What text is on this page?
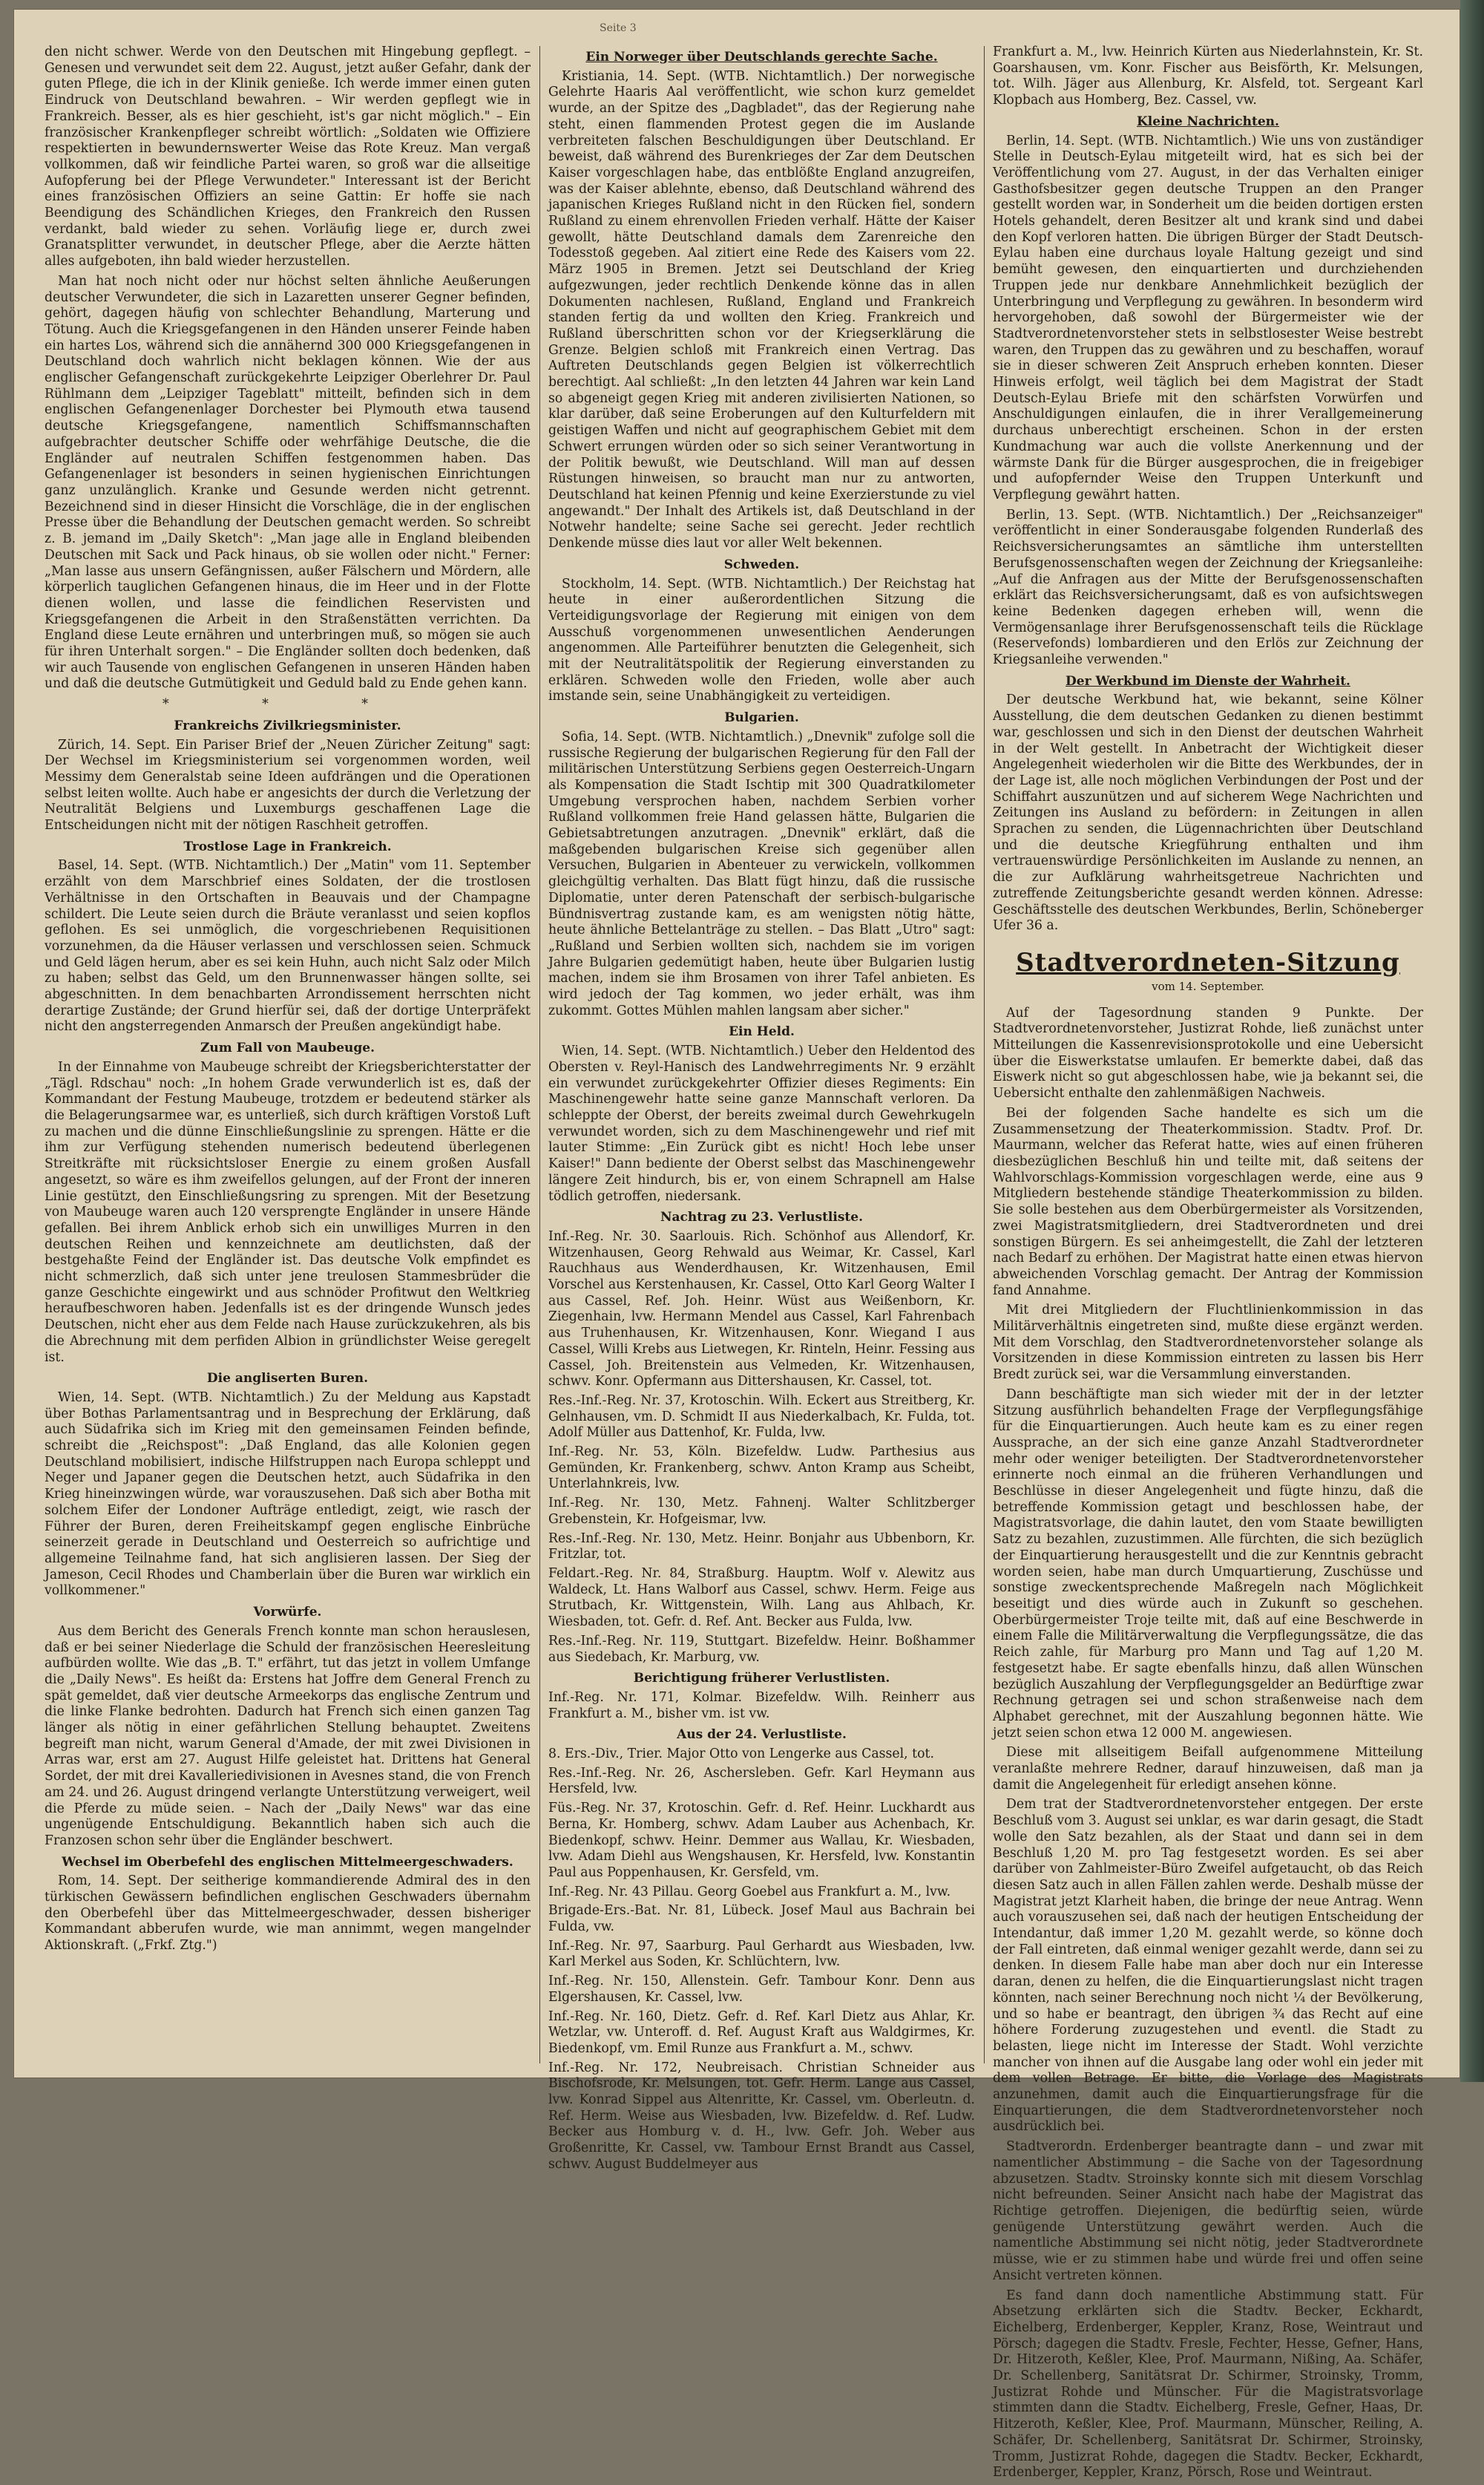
Seite 3

den nicht schwer. Werde von den Deutschen mit Hingebung gepflegt. – Genesen und verwundet seit dem 22. August, jetzt außer Gefahr, dank der guten Pflege, die ich in der Klinik genieße. Ich werde immer einen guten Eindruck von Deutschland bewahren. – Wir werden gepflegt wie in Frankreich. Besser, als es hier geschieht, ist's gar nicht möglich." – Ein französischer Krankenpfleger schreibt wörtlich: „Soldaten wie Offiziere respektierten in bewundernswerter Weise das Rote Kreuz. Man vergaß vollkommen, daß wir feindliche Partei waren, so groß war die allseitige Aufopferung bei der Pflege Verwundeter." Interessant ist der Bericht eines französischen Offiziers an seine Gattin: Er hoffe sie nach Beendigung des Schändlichen Krieges, den Frankreich den Russen verdankt, bald wieder zu sehen. Vorläufig liege er, durch zwei Granatsplitter verwundet, in deutscher Pflege, aber die Aerzte hätten alles aufgeboten, ihn bald wieder herzustellen.

Man hat noch nicht oder nur höchst selten ähnliche Aeußerungen deutscher Verwundeter, die sich in Lazaretten unserer Gegner befinden, gehört, dagegen häufig von schlechter Behandlung, Marterung und Tötung. Auch die Kriegsgefangenen in den Händen unserer Feinde haben ein hartes Los, während sich die annähernd 300 000 Kriegsgefangenen in Deutschland doch wahrlich nicht beklagen können. Wie der aus englischer Gefangenschaft zurückgekehrte Leipziger Oberlehrer Dr. Paul Rühlmann dem „Leipziger Tageblatt" mitteilt, befinden sich in dem englischen Gefangenenlager Dorchester bei Plymouth etwa tausend deutsche Kriegsgefangene, namentlich Schiffsmannschaften aufgebrachter deutscher Schiffe oder wehrfähige Deutsche, die die Engländer auf neutralen Schiffen festgenommen haben. Das Gefangenenlager ist besonders in seinen hygienischen Einrichtungen ganz unzulänglich. Kranke und Gesunde werden nicht getrennt. Bezeichnend sind in dieser Hinsicht die Vorschläge, die in der englischen Presse über die Behandlung der Deutschen gemacht werden. So schreibt z. B. jemand im „Daily Sketch": „Man jage alle in England bleibenden Deutschen mit Sack und Pack hinaus, ob sie wollen oder nicht." Ferner: „Man lasse aus unsern Gefängnissen, außer Fälschern und Mördern, alle körperlich tauglichen Gefangenen hinaus, die im Heer und in der Flotte dienen wollen, und lasse die feindlichen Reservisten und Kriegsgefangenen die Arbeit in den Straßenstätten verrichten. Da England diese Leute ernähren und unterbringen muß, so mögen sie auch für ihren Unterhalt sorgen." – Die Engländer sollten doch bedenken, daß wir auch Tausende von englischen Gefangenen in unseren Händen haben und daß die deutsche Gutmütigkeit und Geduld bald zu Ende gehen kann.

* * *

Frankreichs Zivilkriegsminister.

Zürich, 14. Sept. Ein Pariser Brief der „Neuen Züricher Zeitung" sagt: Der Wechsel im Kriegsministerium sei vorgenommen worden, weil Messimy dem Generalstab seine Ideen aufdrängen und die Operationen selbst leiten wollte. Auch habe er angesichts der durch die Verletzung der Neutralität Belgiens und Luxemburgs geschaffenen Lage die Entscheidungen nicht mit der nötigen Raschheit getroffen.

Trostlose Lage in Frankreich.

Basel, 14. Sept. (WTB. Nichtamtlich.) Der „Matin" vom 11. September erzählt von dem Marschbrief eines Soldaten, der die trostlosen Verhältnisse in den Ortschaften in Beauvais und der Champagne schildert. Die Leute seien durch die Bräute veranlasst und seien kopflos geflohen. Es sei unmöglich, die vorgeschriebenen Requisitionen vorzunehmen, da die Häuser verlassen und verschlossen seien. Schmuck und Geld lägen herum, aber es sei kein Huhn, auch nicht Salz oder Milch zu haben; selbst das Geld, um den Brunnenwasser hängen sollte, sei abgeschnitten. In dem benachbarten Arrondissement herrschten nicht derartige Zustände; der Grund hierfür sei, daß der dortige Unterpräfekt nicht den angsterregenden Anmarsch der Preußen angekündigt habe.

Zum Fall von Maubeuge.

In der Einnahme von Maubeuge schreibt der Kriegsberichterstatter der „Tägl. Rdschau" noch: „In hohem Grade verwunderlich ist es, daß der Kommandant der Festung Maubeuge, trotzdem er bedeutend stärker als die Belagerungsarmee war, es unterließ, sich durch kräftigen Vorstoß Luft zu machen und die dünne Einschließungslinie zu sprengen. Hätte er die ihm zur Verfügung stehenden numerisch bedeutend überlegenen Streitkräfte mit rücksichtsloser Energie zu einem großen Ausfall angesetzt, so wäre es ihm zweifellos gelungen, auf der Front der inneren Linie gestützt, den Einschließungsring zu sprengen. Mit der Besetzung von Maubeuge waren auch 120 versprengte Engländer in unsere Hände gefallen. Bei ihrem Anblick erhob sich ein unwilliges Murren in den deutschen Reihen und kennzeichnete am deutlichsten, daß der bestgehaßte Feind der Engländer ist. Das deutsche Volk empfindet es nicht schmerzlich, daß sich unter jene treulosen Stammesbrüder die ganze Geschichte eingewirkt und aus schnöder Profitwut den Weltkrieg heraufbeschworen haben. Jedenfalls ist es der dringende Wunsch jedes Deutschen, nicht eher aus dem Felde nach Hause zurückzukehren, als bis die Abrechnung mit dem perfiden Albion in gründlichster Weise geregelt ist.

Die angliserten Buren.

Wien, 14. Sept. (WTB. Nichtamtlich.) Zu der Meldung aus Kapstadt über Bothas Parlamentsantrag und in Besprechung der Erklärung, daß auch Südafrika sich im Krieg mit den gemeinsamen Feinden befinde, schreibt die „Reichspost": „Daß England, das alle Kolonien gegen Deutschland mobilisiert, indische Hilfstruppen nach Europa schleppt und Neger und Japaner gegen die Deutschen hetzt, auch Südafrika in den Krieg hineinzwingen würde, war vorauszusehen. Daß sich aber Botha mit solchem Eifer der Londoner Aufträge entledigt, zeigt, wie rasch der Führer der Buren, deren Freiheitskampf gegen englische Einbrüche seinerzeit gerade in Deutschland und Oesterreich so aufrichtige und allgemeine Teilnahme fand, hat sich anglisieren lassen. Der Sieg der Jameson, Cecil Rhodes und Chamberlain über die Buren war wirklich ein vollkommener."

Vorwürfe.

Aus dem Bericht des Generals French konnte man schon herauslesen, daß er bei seiner Niederlage die Schuld der französischen Heeresleitung aufbürden wollte. Wie das „B. T." erfährt, tut das jetzt in vollem Umfange die „Daily News". Es heißt da: Erstens hat Joffre dem General French zu spät gemeldet, daß vier deutsche Armeekorps das englische Zentrum und die linke Flanke bedrohten. Dadurch hat French sich einen ganzen Tag länger als nötig in einer gefährlichen Stellung behauptet. Zweitens begreift man nicht, warum General d'Amade, der mit zwei Divisionen in Arras war, erst am 27. August Hilfe geleistet hat. Drittens hat General Sordet, der mit drei Kavalleriedivisionen in Avesnes stand, die von French am 24. und 26. August dringend verlangte Unterstützung verweigert, weil die Pferde zu müde seien. – Nach der „Daily News" war das eine ungenügende Entschuldigung. Bekanntlich haben sich auch die Franzosen schon sehr über die Engländer beschwert.

Wechsel im Oberbefehl des englischen Mittelmeergeschwaders.

Rom, 14. Sept. Der seitherige kommandierende Admiral des in den türkischen Gewässern befindlichen englischen Geschwaders übernahm den Oberbefehl über das Mittelmeergeschwader, dessen bisheriger Kommandant abberufen wurde, wie man annimmt, wegen mangelnder Aktionskraft. („Frkf. Ztg.")

Ein Norweger über Deutschlands gerechte Sache.

Kristiania, 14. Sept. (WTB. Nichtamtlich.) Der norwegische Gelehrte Haaris Aal veröffentlicht, wie schon kurz gemeldet wurde, an der Spitze des „Dagbladet", das der Regierung nahe steht, einen flammenden Protest gegen die im Auslande verbreiteten falschen Beschuldigungen über Deutschland. Er beweist, daß während des Burenkrieges der Zar dem Deutschen Kaiser vorgeschlagen habe, das entblößte England anzugreifen, was der Kaiser ablehnte, ebenso, daß Deutschland während des japanischen Krieges Rußland nicht in den Rücken fiel, sondern Rußland zu einem ehrenvollen Frieden verhalf. Hätte der Kaiser gewollt, hätte Deutschland damals dem Zarenreiche den Todesstoß gegeben. Aal zitiert eine Rede des Kaisers vom 22. März 1905 in Bremen. Jetzt sei Deutschland der Krieg aufgezwungen, jeder rechtlich Denkende könne das in allen Dokumenten nachlesen, Rußland, England und Frankreich standen fertig da und wollten den Krieg. Frankreich und Rußland überschritten schon vor der Kriegserklärung die Grenze. Belgien schloß mit Frankreich einen Vertrag. Das Auftreten Deutschlands gegen Belgien ist völkerrechtlich berechtigt. Aal schließt: „In den letzten 44 Jahren war kein Land so abgeneigt gegen Krieg mit anderen zivilisierten Nationen, so klar darüber, daß seine Eroberungen auf den Kulturfeldern mit geistigen Waffen und nicht auf geographischem Gebiet mit dem Schwert errungen würden oder so sich seiner Verantwortung in der Politik bewußt, wie Deutschland. Will man auf dessen Rüstungen hinweisen, so braucht man nur zu antworten, Deutschland hat keinen Pfennig und keine Exerzierstunde zu viel angewandt." Der Inhalt des Artikels ist, daß Deutschland in der Notwehr handelte; seine Sache sei gerecht. Jeder rechtlich Denkende müsse dies laut vor aller Welt bekennen.

Schweden.

Stockholm, 14. Sept. (WTB. Nichtamtlich.) Der Reichstag hat heute in einer außerordentlichen Sitzung die Verteidigungsvorlage der Regierung mit einigen von dem Ausschuß vorgenommenen unwesentlichen Aenderungen angenommen. Alle Parteiführer benutzten die Gelegenheit, sich mit der Neutralitätspolitik der Regierung einverstanden zu erklären. Schweden wolle den Frieden, wolle aber auch imstande sein, seine Unabhängigkeit zu verteidigen.

Bulgarien.

Sofia, 14. Sept. (WTB. Nichtamtlich.) „Dnevnik" zufolge soll die russische Regierung der bulgarischen Regierung für den Fall der militärischen Unterstützung Serbiens gegen Oesterreich-Ungarn als Kompensation die Stadt Ischtip mit 300 Quadratkilometer Umgebung versprochen haben, nachdem Serbien vorher Rußland vollkommen freie Hand gelassen hätte, Bulgarien die Gebietsabtretungen anzutragen. „Dnevnik" erklärt, daß die maßgebenden bulgarischen Kreise sich gegenüber allen Versuchen, Bulgarien in Abenteuer zu verwickeln, vollkommen gleichgültig verhalten. Das Blatt fügt hinzu, daß die russische Diplomatie, unter deren Patenschaft der serbisch-bulgarische Bündnisvertrag zustande kam, es am wenigsten nötig hätte, heute ähnliche Bettelanträge zu stellen. – Das Blatt „Utro" sagt: „Rußland und Serbien wollten sich, nachdem sie im vorigen Jahre Bulgarien gedemütigt haben, heute über Bulgarien lustig machen, indem sie ihm Brosamen von ihrer Tafel anbieten. Es wird jedoch der Tag kommen, wo jeder erhält, was ihm zukommt. Gottes Mühlen mahlen langsam aber sicher."

Ein Held.

Wien, 14. Sept. (WTB. Nichtamtlich.) Ueber den Heldentod des Obersten v. Reyl-Hanisch des Landwehrregiments Nr. 9 erzählt ein verwundet zurückgekehrter Offizier dieses Regiments: Ein Maschinengewehr hatte seine ganze Mannschaft verloren. Da schleppte der Oberst, der bereits zweimal durch Gewehrkugeln verwundet worden, sich zu dem Maschinengewehr und rief mit lauter Stimme: „Ein Zurück gibt es nicht! Hoch lebe unser Kaiser!" Dann bediente der Oberst selbst das Maschinengewehr längere Zeit hindurch, bis er, von einem Schrapnell am Halse tödlich getroffen, niedersank.

Nachtrag zu 23. Verlustliste.

Inf.-Reg. Nr. 30. Saarlouis. Rich. Schönhof aus Allendorf, Kr. Witzenhausen, Georg Rehwald aus Weimar, Kr. Cassel, Karl Rauchhaus aus Wenderdhausen, Kr. Witzenhausen, Emil Vorschel aus Kerstenhausen, Kr. Cassel, Otto Karl Georg Walter I aus Cassel, Ref. Joh. Heinr. Wüst aus Weißenborn, Kr. Ziegenhain, lvw. Hermann Mendel aus Cassel, Karl Fahrenbach aus Truhenhausen, Kr. Witzenhausen, Konr. Wiegand I aus Cassel, Willi Krebs aus Lietwegen, Kr. Rinteln, Heinr. Fessing aus Cassel, Joh. Breitenstein aus Velmeden, Kr. Witzenhausen, schwv. Konr. Opfermann aus Dittershausen, Kr. Cassel, tot.

Res.-Inf.-Reg. Nr. 37, Krotoschin. Wilh. Eckert aus Streitberg, Kr. Gelnhausen, vm. D. Schmidt II aus Niederkalbach, Kr. Fulda, tot. Adolf Müller aus Dattenhof, Kr. Fulda, lvw.

Inf.-Reg. Nr. 53, Köln. Bizefeldw. Ludw. Parthesius aus Gemünden, Kr. Frankenberg, schwv. Anton Kramp aus Scheibt, Unterlahnkreis, lvw.

Inf.-Reg. Nr. 130, Metz. Fahnenj. Walter Schlitzberger Grebenstein, Kr. Hofgeismar, lvw.

Res.-Inf.-Reg. Nr. 130, Metz. Heinr. Bonjahr aus Ubbenborn, Kr. Fritzlar, tot.

Feldart.-Reg. Nr. 84, Straßburg. Hauptm. Wolf v. Alewitz aus Waldeck, Lt. Hans Walborf aus Cassel, schwv. Herm. Feige aus Strutbach, Kr. Wittgenstein, Wilh. Lang aus Ahlbach, Kr. Wiesbaden, tot. Gefr. d. Ref. Ant. Becker aus Fulda, lvw.

Res.-Inf.-Reg. Nr. 119, Stuttgart. Bizefeldw. Heinr. Boßhammer aus Siedebach, Kr. Marburg, vw.

Berichtigung früherer Verlustlisten.

Inf.-Reg. Nr. 171, Kolmar. Bizefeldw. Wilh. Reinherr aus Frankfurt a. M., bisher vm. ist vw.

Aus der 24. Verlustliste.

8. Ers.-Div., Trier. Major Otto von Lengerke aus Cassel, tot.

Res.-Inf.-Reg. Nr. 26, Aschersleben. Gefr. Karl Heymann aus Hersfeld, lvw.

Füs.-Reg. Nr. 37, Krotoschin. Gefr. d. Ref. Heinr. Luckhardt aus Berna, Kr. Homberg, schwv. Adam Lauber aus Achenbach, Kr. Biedenkopf, schwv. Heinr. Demmer aus Wallau, Kr. Wiesbaden, lvw. Adam Diehl aus Wengshausen, Kr. Hersfeld, lvw. Konstantin Paul aus Poppenhausen, Kr. Gersfeld, vm.

Inf.-Reg. Nr. 43 Pillau. Georg Goebel aus Frankfurt a. M., lvw.

Brigade-Ers.-Bat. Nr. 81, Lübeck. Josef Maul aus Bachrain bei Fulda, vw.

Inf.-Reg. Nr. 97, Saarburg. Paul Gerhardt aus Wiesbaden, lvw. Karl Merkel aus Soden, Kr. Schlüchtern, lvw.

Inf.-Reg. Nr. 150, Allenstein. Gefr. Tambour Konr. Denn aus Elgershausen, Kr. Cassel, lvw.

Inf.-Reg. Nr. 160, Dietz. Gefr. d. Ref. Karl Dietz aus Ahlar, Kr. Wetzlar, vw. Unteroff. d. Ref. August Kraft aus Waldgirmes, Kr. Biedenkopf, vm. Emil Runze aus Frankfurt a. M., schwv.

Inf.-Reg. Nr. 172, Neubreisach. Christian Schneider aus Bischofsrode, Kr. Melsungen, tot. Gefr. Herm. Lange aus Cassel, lvw. Konrad Sippel aus Altenritte, Kr. Cassel, vm. Oberleutn. d. Ref. Herm. Weise aus Wiesbaden, lvw. Bizefeldw. d. Ref. Ludw. Becker aus Homburg v. d. H., lvw. Gefr. Joh. Weber aus Großenritte, Kr. Cassel, vw. Tambour Ernst Brandt aus Cassel, schwv. August Buddelmeyer aus

Frankfurt a. M., lvw. Heinrich Kürten aus Niederlahnstein, Kr. St. Goarshausen, vm. Konr. Fischer aus Beisförth, Kr. Melsungen, tot. Wilh. Jäger aus Allenburg, Kr. Alsfeld, tot. Sergeant Karl Klopbach aus Homberg, Bez. Cassel, vw.

Kleine Nachrichten.

Berlin, 14. Sept. (WTB. Nichtamtlich.) Wie uns von zuständiger Stelle in Deutsch-Eylau mitgeteilt wird, hat es sich bei der Veröffentlichung vom 27. August, in der das Verhalten einiger Gasthofsbesitzer gegen deutsche Truppen an den Pranger gestellt worden war, in Sonderheit um die beiden dortigen ersten Hotels gehandelt, deren Besitzer alt und krank sind und dabei den Kopf verloren hatten. Die übrigen Bürger der Stadt Deutsch-Eylau haben eine durchaus loyale Haltung gezeigt und sind bemüht gewesen, den einquartierten und durchziehenden Truppen jede nur denkbare Annehmlichkeit bezüglich der Unterbringung und Verpflegung zu gewähren. In besonderm wird hervorgehoben, daß sowohl der Bürgermeister wie der Stadtverordnetenvorsteher stets in selbstlosester Weise bestrebt waren, den Truppen das zu gewähren und zu beschaffen, worauf sie in dieser schweren Zeit Anspruch erheben konnten. Dieser Hinweis erfolgt, weil täglich bei dem Magistrat der Stadt Deutsch-Eylau Briefe mit den schärfsten Vorwürfen und Anschuldigungen einlaufen, die in ihrer Verallgemeinerung durchaus unberechtigt erscheinen. Schon in der ersten Kundmachung war auch die vollste Anerkennung und der wärmste Dank für die Bürger ausgesprochen, die in freigebiger und aufopfernder Weise den Truppen Unterkunft und Verpflegung gewährt hatten.

Berlin, 13. Sept. (WTB. Nichtamtlich.) Der „Reichsanzeiger" veröffentlicht in einer Sonderausgabe folgenden Runderlaß des Reichsversicherungsamtes an sämtliche ihm unterstellten Berufsgenossenschaften wegen der Zeichnung der Kriegsanleihe: „Auf die Anfragen aus der Mitte der Berufsgenossenschaften erklärt das Reichsversicherungsamt, daß es von aufsichtswegen keine Bedenken dagegen erheben will, wenn die Vermögensanlage ihrer Berufsgenossenschaft teils die Rücklage (Reservefonds) lombardieren und den Erlös zur Zeichnung der Kriegsanleihe verwenden."

Der Werkbund im Dienste der Wahrheit.

Der deutsche Werkbund hat, wie bekannt, seine Kölner Ausstellung, die dem deutschen Gedanken zu dienen bestimmt war, geschlossen und sich in den Dienst der deutschen Wahrheit in der Welt gestellt. In Anbetracht der Wichtigkeit dieser Angelegenheit wiederholen wir die Bitte des Werkbundes, der in der Lage ist, alle noch möglichen Verbindungen der Post und der Schiffahrt auszunützen und auf sicherem Wege Nachrichten und Zeitungen ins Ausland zu befördern: in Zeitungen in allen Sprachen zu senden, die Lügennachrichten über Deutschland und die deutsche Kriegführung enthalten und ihm vertrauenswürdige Persönlichkeiten im Auslande zu nennen, an die zur Aufklärung wahrheitsgetreue Nachrichten und zutreffende Zeitungsberichte gesandt werden können. Adresse: Geschäftsstelle des deutschen Werkbundes, Berlin, Schöneberger Ufer 36 a.

Stadtverordneten-Sitzung

vom 14. September.

Auf der Tagesordnung standen 9 Punkte. Der Stadtverordnetenvorsteher, Justizrat Rohde, ließ zunächst unter Mitteilungen die Kassenrevisionsprotokolle und eine Uebersicht über die Eiswerkstatse umlaufen. Er bemerkte dabei, daß das Eiswerk nicht so gut abgeschlossen habe, wie ja bekannt sei, die Uebersicht enthalte den zahlenmäßigen Nachweis.

Bei der folgenden Sache handelte es sich um die Zusammensetzung der Theaterkommission. Stadtv. Prof. Dr. Maurmann, welcher das Referat hatte, wies auf einen früheren diesbezüglichen Beschluß hin und teilte mit, daß seitens der Wahlvorschlags-Kommission vorgeschlagen werde, eine aus 9 Mitgliedern bestehende ständige Theaterkommission zu bilden. Sie solle bestehen aus dem Oberbürgermeister als Vorsitzenden, zwei Magistratsmitgliedern, drei Stadtverordneten und drei sonstigen Bürgern. Es sei anheimgestellt, die Zahl der letzteren nach Bedarf zu erhöhen. Der Magistrat hatte einen etwas hiervon abweichenden Vorschlag gemacht. Der Antrag der Kommission fand Annahme.

Mit drei Mitgliedern der Fluchtlinienkommission in das Militärverhältnis eingetreten sind, mußte diese ergänzt werden. Mit dem Vorschlag, den Stadtverordnetenvorsteher solange als Vorsitzenden in diese Kommission eintreten zu lassen bis Herr Bredt zurück sei, war die Versammlung einverstanden.

Dann beschäftigte man sich wieder mit der in der letzter Sitzung ausführlich behandelten Frage der Verpflegungsfähige für die Einquartierungen. Auch heute kam es zu einer regen Aussprache, an der sich eine ganze Anzahl Stadtverordneter mehr oder weniger beteiligten. Der Stadtverordnetenvorsteher erinnerte noch einmal an die früheren Verhandlungen und Beschlüsse in dieser Angelegenheit und fügte hinzu, daß die betreffende Kommission getagt und beschlossen habe, der Magistratsvorlage, die dahin lautet, den vom Staate bewilligten Satz zu bezahlen, zuzustimmen. Alle fürchten, die sich bezüglich der Einquartierung herausgestellt und die zur Kenntnis gebracht worden seien, habe man durch Umquartierung, Zuschüsse und sonstige zweckentsprechende Maßregeln nach Möglichkeit beseitigt und dies würde auch in Zukunft so geschehen. Oberbürgermeister Troje teilte mit, daß auf eine Beschwerde in einem Falle die Militärverwaltung die Verpflegungssätze, die das Reich zahle, für Marburg pro Mann und Tag auf 1,20 M. festgesetzt habe. Er sagte ebenfalls hinzu, daß allen Wünschen bezüglich Auszahlung der Verpflegungsgelder an Bedürftige zwar Rechnung getragen sei und schon straßenweise nach dem Alphabet gerechnet, mit der Auszahlung begonnen hätte. Wie jetzt seien schon etwa 12 000 M. angewiesen.

Diese mit allseitigem Beifall aufgenommene Mitteilung veranlaßte mehrere Redner, darauf hinzuweisen, daß man ja damit die Angelegenheit für erledigt ansehen könne.

Dem trat der Stadtverordnetenvorsteher entgegen. Der erste Beschluß vom 3. August sei unklar, es war darin gesagt, die Stadt wolle den Satz bezahlen, als der Staat und dann sei in dem Beschluß 1,20 M. pro Tag festgesetzt worden. Es sei aber darüber von Zahlmeister-Büro Zweifel aufgetaucht, ob das Reich diesen Satz auch in allen Fällen zahlen werde. Deshalb müsse der Magistrat jetzt Klarheit haben, die bringe der neue Antrag. Wenn auch vorauszusehen sei, daß nach der heutigen Entscheidung der Intendantur, daß immer 1,20 M. gezahlt werde, so könne doch der Fall eintreten, daß einmal weniger gezahlt werde, dann sei zu denken. In diesem Falle habe man aber doch nur ein Interesse daran, denen zu helfen, die die Einquartierungslast nicht tragen könnten, nach seiner Berechnung noch nicht ¼ der Bevölkerung, und so habe er beantragt, den übrigen ¾ das Recht auf eine höhere Forderung zuzugestehen und eventl. die Stadt zu belasten, liege nicht im Interesse der Stadt. Wohl verzichte mancher von ihnen auf die Ausgabe lang oder wohl ein jeder mit dem vollen Betrage. Er bitte, die Vorlage des Magistrats anzunehmen, damit auch die Einquartierungsfrage für die Einquartierungen, die dem Stadtverordnetenvorsteher noch ausdrücklich bei.

Stadtverordn. Erdenberger beantragte dann – und zwar mit namentlicher Abstimmung – die Sache von der Tagesordnung abzusetzen. Stadtv. Stroinsky konnte sich mit diesem Vorschlag nicht befreunden. Seiner Ansicht nach habe der Magistrat das Richtige getroffen. Diejenigen, die bedürftig seien, würde genügende Unterstützung gewährt werden. Auch die namentliche Abstimmung sei nicht nötig, jeder Stadtverordnete müsse, wie er zu stimmen habe und würde frei und offen seine Ansicht vertreten können.

Es fand dann doch namentliche Abstimmung statt. Für Absetzung erklärten sich die Stadtv. Becker, Eckhardt, Eichelberg, Erdenberger, Keppler, Kranz, Rose, Weintraut und Pörsch; dagegen die Stadtv. Fresle, Fechter, Hesse, Gefner, Hans, Dr. Hitzeroth, Keßler, Klee, Prof. Maurmann, Nißing, Aa. Schäfer, Dr. Schellenberg, Sanitätsrat Dr. Schirmer, Stroinsky, Tromm, Justizrat Rohde und Münscher. Für die Magistratsvorlage stimmten dann die Stadtv. Eichelberg, Fresle, Gefner, Haas, Dr. Hitzeroth, Keßler, Klee, Prof. Maurmann, Münscher, Reiling, A. Schäfer, Dr. Schellenberg, Sanitätsrat Dr. Schirmer, Stroinsky, Tromm, Justizrat Rohde, dagegen die Stadtv. Becker, Eckhardt, Erdenberger, Keppler, Kranz, Pörsch, Rose und Weintraut.
